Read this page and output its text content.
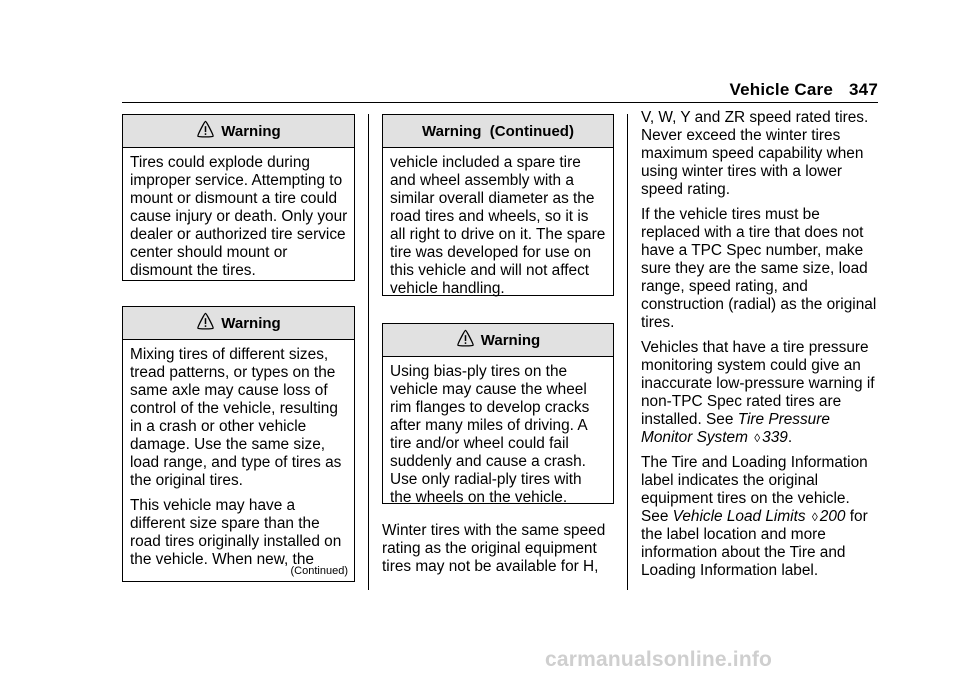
Vehicle Care 347
Warning

Tires could explode during improper service. Attempting to mount or dismount a tire could cause injury or death. Only your dealer or authorized tire service center should mount or dismount the tires.

Warning

Mixing tires of different sizes, tread patterns, or types on the same axle may cause loss of control of the vehicle, resulting in a crash or other vehicle damage. Use the same size, load range, and type of tires as the original tires.

This vehicle may have a different size spare than the road tires originally installed on the vehicle. When new, the

(Continued)
Warning  (Continued)

vehicle included a spare tire and wheel assembly with a similar overall diameter as the road tires and wheels, so it is all right to drive on it. The spare tire was developed for use on this vehicle and will not affect vehicle handling.

Warning

Using bias-ply tires on the vehicle may cause the wheel rim flanges to develop cracks after many miles of driving. A tire and/or wheel could fail suddenly and cause a crash. Use only radial-ply tires with the wheels on the vehicle.

Winter tires with the same speed rating as the original equipment tires may not be available for H,

V, W, Y and ZR speed rated tires. Never exceed the winter tires maximum speed capability when using winter tires with a lower speed rating.

If the vehicle tires must be replaced with a tire that does not have a TPC Spec number, make sure they are the same size, load range, speed rating, and construction (radial) as the original tires.

Vehicles that have a tire pressure monitoring system could give an inaccurate low-pressure warning if non-TPC Spec rated tires are installed. See Tire Pressure Monitor System ◊ 339.

The Tire and Loading Information label indicates the original equipment tires on the vehicle. See Vehicle Load Limits ◊ 200 for the label location and more information about the Tire and Loading Information label.

carmanualsonline.info
